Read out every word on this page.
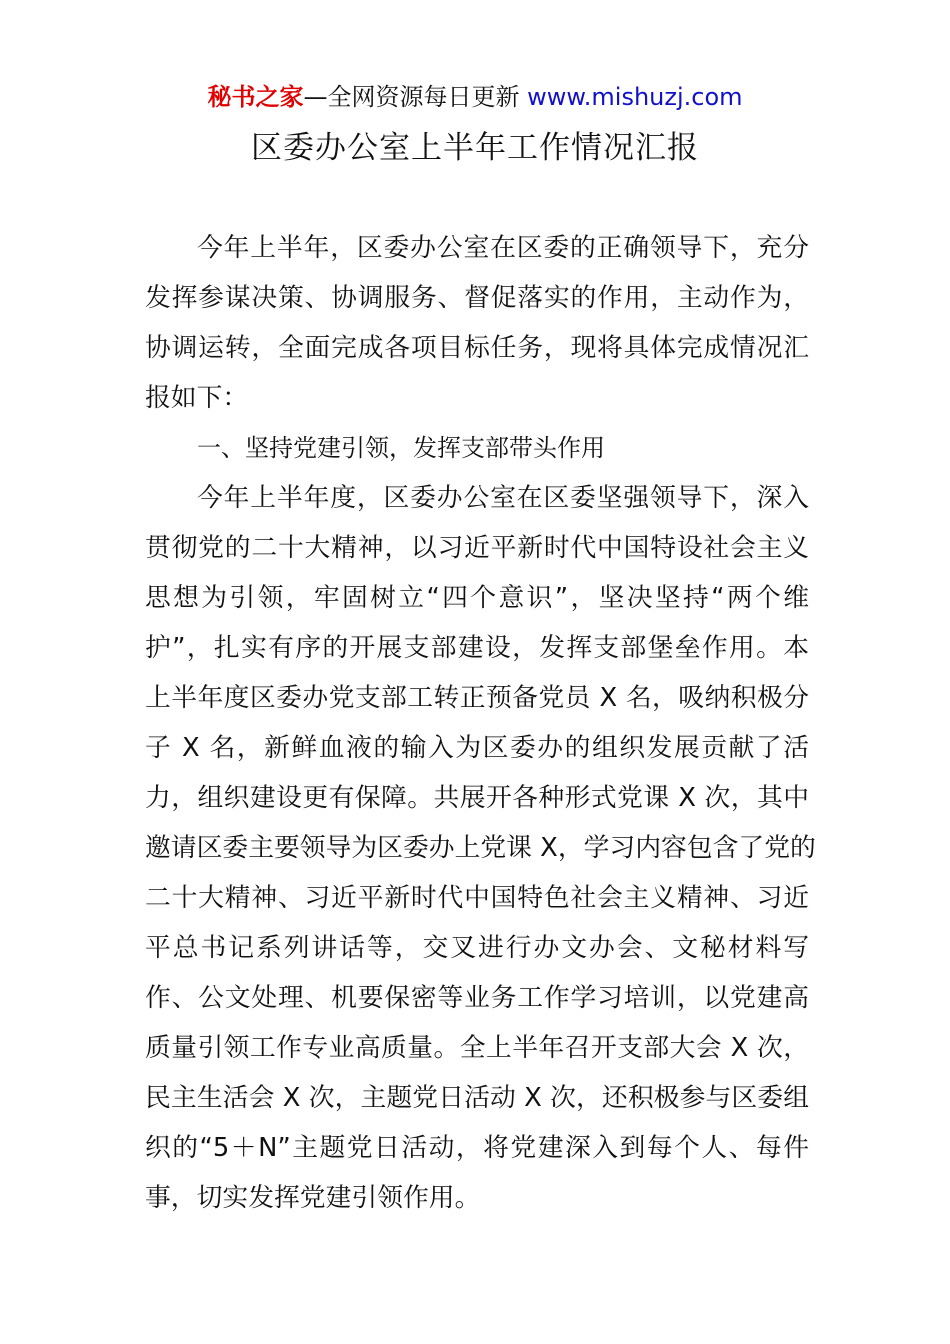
秘书之家—全网资源每日更新 www.mishuzj.com
区委办公室上半年工作情况汇报
今年上半年，区委办公室在区委的正确领导下，充分
发挥参谋决策、协调服务、督促落实的作用，主动作为，
协调运转，全面完成各项目标任务，现将具体完成情况汇
报如下：
一、坚持党建引领，发挥支部带头作用
今年上半年度，区委办公室在区委坚强领导下，深入
贯彻党的二十大精神，以习近平新时代中国特设社会主义
思想为引领，牢固树立“四个意识”，坚决坚持“两个维
护”，扎实有序的开展支部建设，发挥支部堡垒作用。本
上半年度区委办党支部工转正预备党员 X 名，吸纳积极分
子 X 名，新鲜血液的输入为区委办的组织发展贡献了活
力，组织建设更有保障。共展开各种形式党课 X 次，其中
邀请区委主要领导为区委办上党课 X，学习内容包含了党的
二十大精神、习近平新时代中国特色社会主义精神、习近
平总书记系列讲话等，交叉进行办文办会、文秘材料写
作、公文处理、机要保密等业务工作学习培训，以党建高
质量引领工作专业高质量。全上半年召开支部大会 X 次，
民主生活会 X 次，主题党日活动 X 次，还积极参与区委组
织的“5＋N”主题党日活动，将党建深入到每个人、每件
事，切实发挥党建引领作用。
